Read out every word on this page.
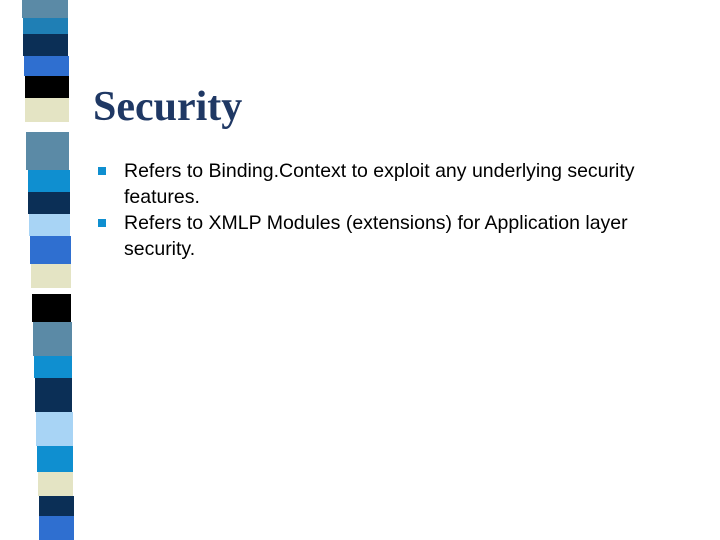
Security
Refers to Binding.Context to exploit any underlying security features.
Refers to XMLP Modules (extensions) for Application layer security.
